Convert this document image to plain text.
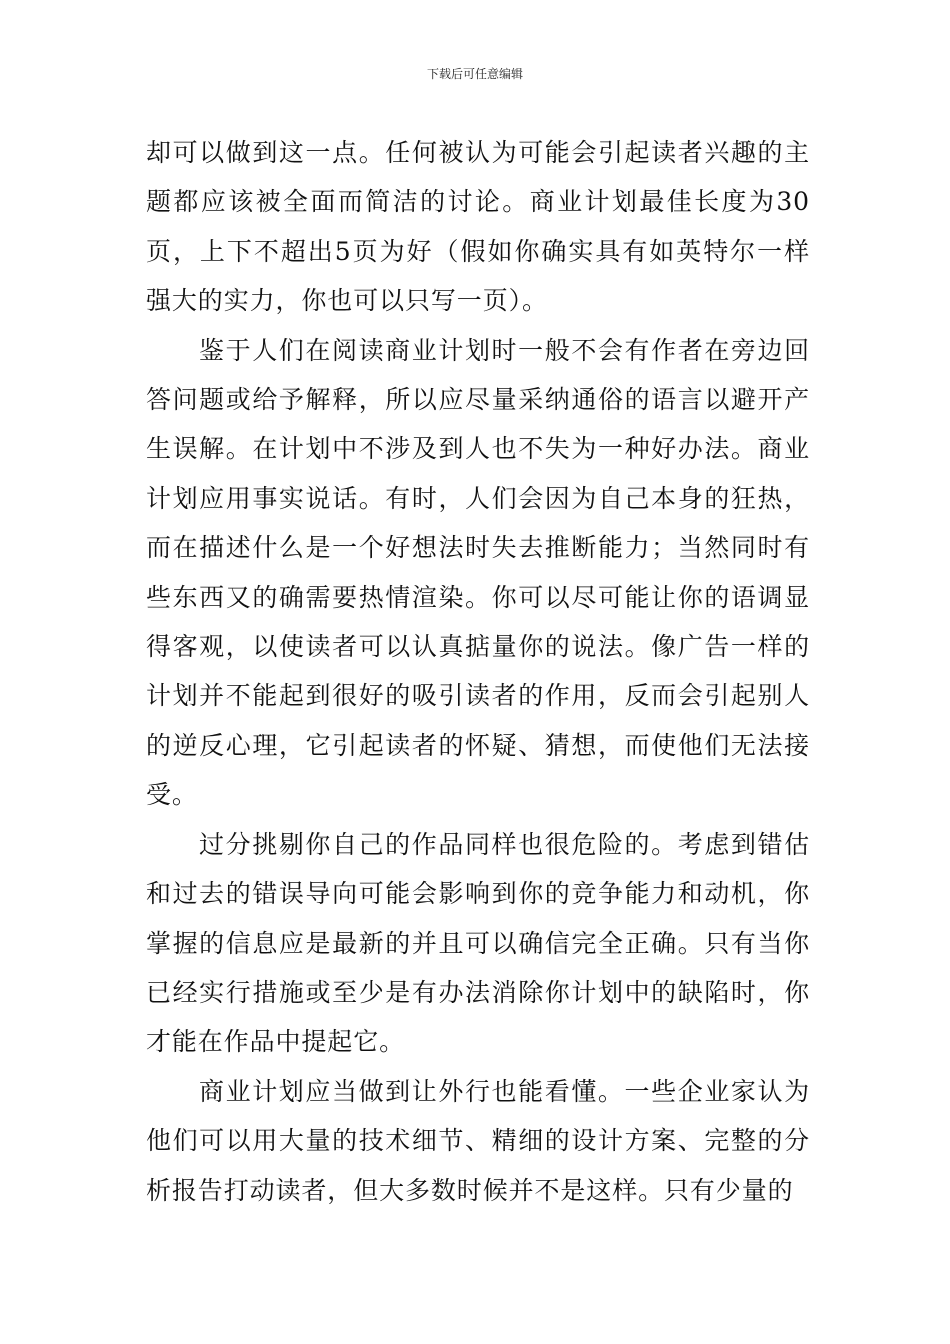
下载后可任意编辑

却可以做到这一点。任何被认为可能会引起读者兴趣的主题都应该被全面而简洁的讨论。商业计划最佳长度为30页，上下不超出5页为好（假如你确实具有如英特尔一样强大的实力，你也可以只写一页）。

鉴于人们在阅读商业计划时一般不会有作者在旁边回答问题或给予解释，所以应尽量采纳通俗的语言以避开产生误解。在计划中不涉及到人也不失为一种好办法。商业计划应用事实说话。有时，人们会因为自己本身的狂热，而在描述什么是一个好想法时失去推断能力；当然同时有些东西又的确需要热情渲染。你可以尽可能让你的语调显得客观，以使读者可以认真掂量你的说法。像广告一样的计划并不能起到很好的吸引读者的作用，反而会引起别人的逆反心理，它引起读者的怀疑、猜想，而使他们无法接受。

过分挑剔你自己的作品同样也很危险的。考虑到错估和过去的错误导向可能会影响到你的竞争能力和动机，你掌握的信息应是最新的并且可以确信完全正确。只有当你已经实行措施或至少是有办法消除你计划中的缺陷时，你才能在作品中提起它。

商业计划应当做到让外行也能看懂。一些企业家认为他们可以用大量的技术细节、精细的设计方案、完整的分析报告打动读者，但大多数时候并不是这样。只有少量的
